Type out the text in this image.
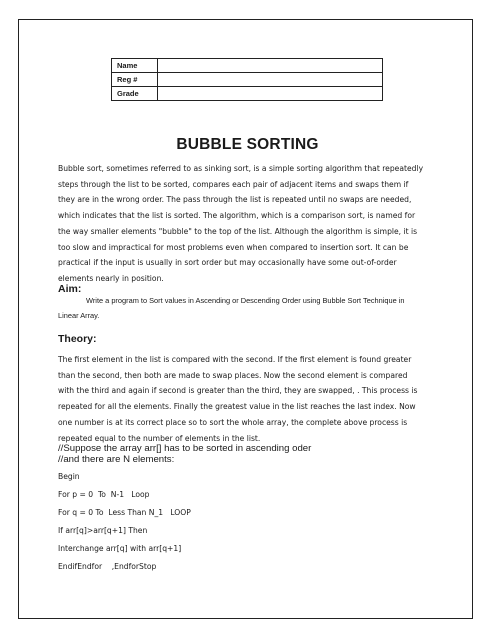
Name	
Reg #	
Grade	
BUBBLE SORTING
Bubble sort, sometimes referred to as sinking sort, is a simple sorting algorithm that repeatedly
steps through the list to be sorted, compares each pair of adjacent items and swaps them if
they are in the wrong order. The pass through the list is repeated until no swaps are needed,
which indicates that the list is sorted. The algorithm, which is a comparison sort, is named for
the way smaller elements "bubble" to the top of the list. Although the algorithm is simple, it is
too slow and impractical for most problems even when compared to insertion sort. It can be
practical if the input is usually in sort order but may occasionally have some out-of-order
elements nearly in position.
Aim:
Write a program to Sort values in Ascending or Descending Order using Bubble Sort Technique in
Linear Array.
Theory:
The first element in the list is compared with the second. If the first element is found greater
than the second, then both are made to swap places. Now the second element is compared
with the third and again if second is greater than the third, they are swapped, . This process is
repeated for all the elements. Finally the greatest value in the list reaches the last index. Now
one number is at its correct place so to sort the whole array, the complete above process is
repeated equal to the number of elements in the list.
//Suppose the array arr[] has to be sorted in ascending oder
//and there are N elements:
Begin
For p = 0  To  N-1   Loop
For q = 0 To  Less Than N_1   LOOP
If arr[q]>arr[q+1] Then
Interchange arr[q] with arr[q+1]
EndifEndfor    ,EndforStop
